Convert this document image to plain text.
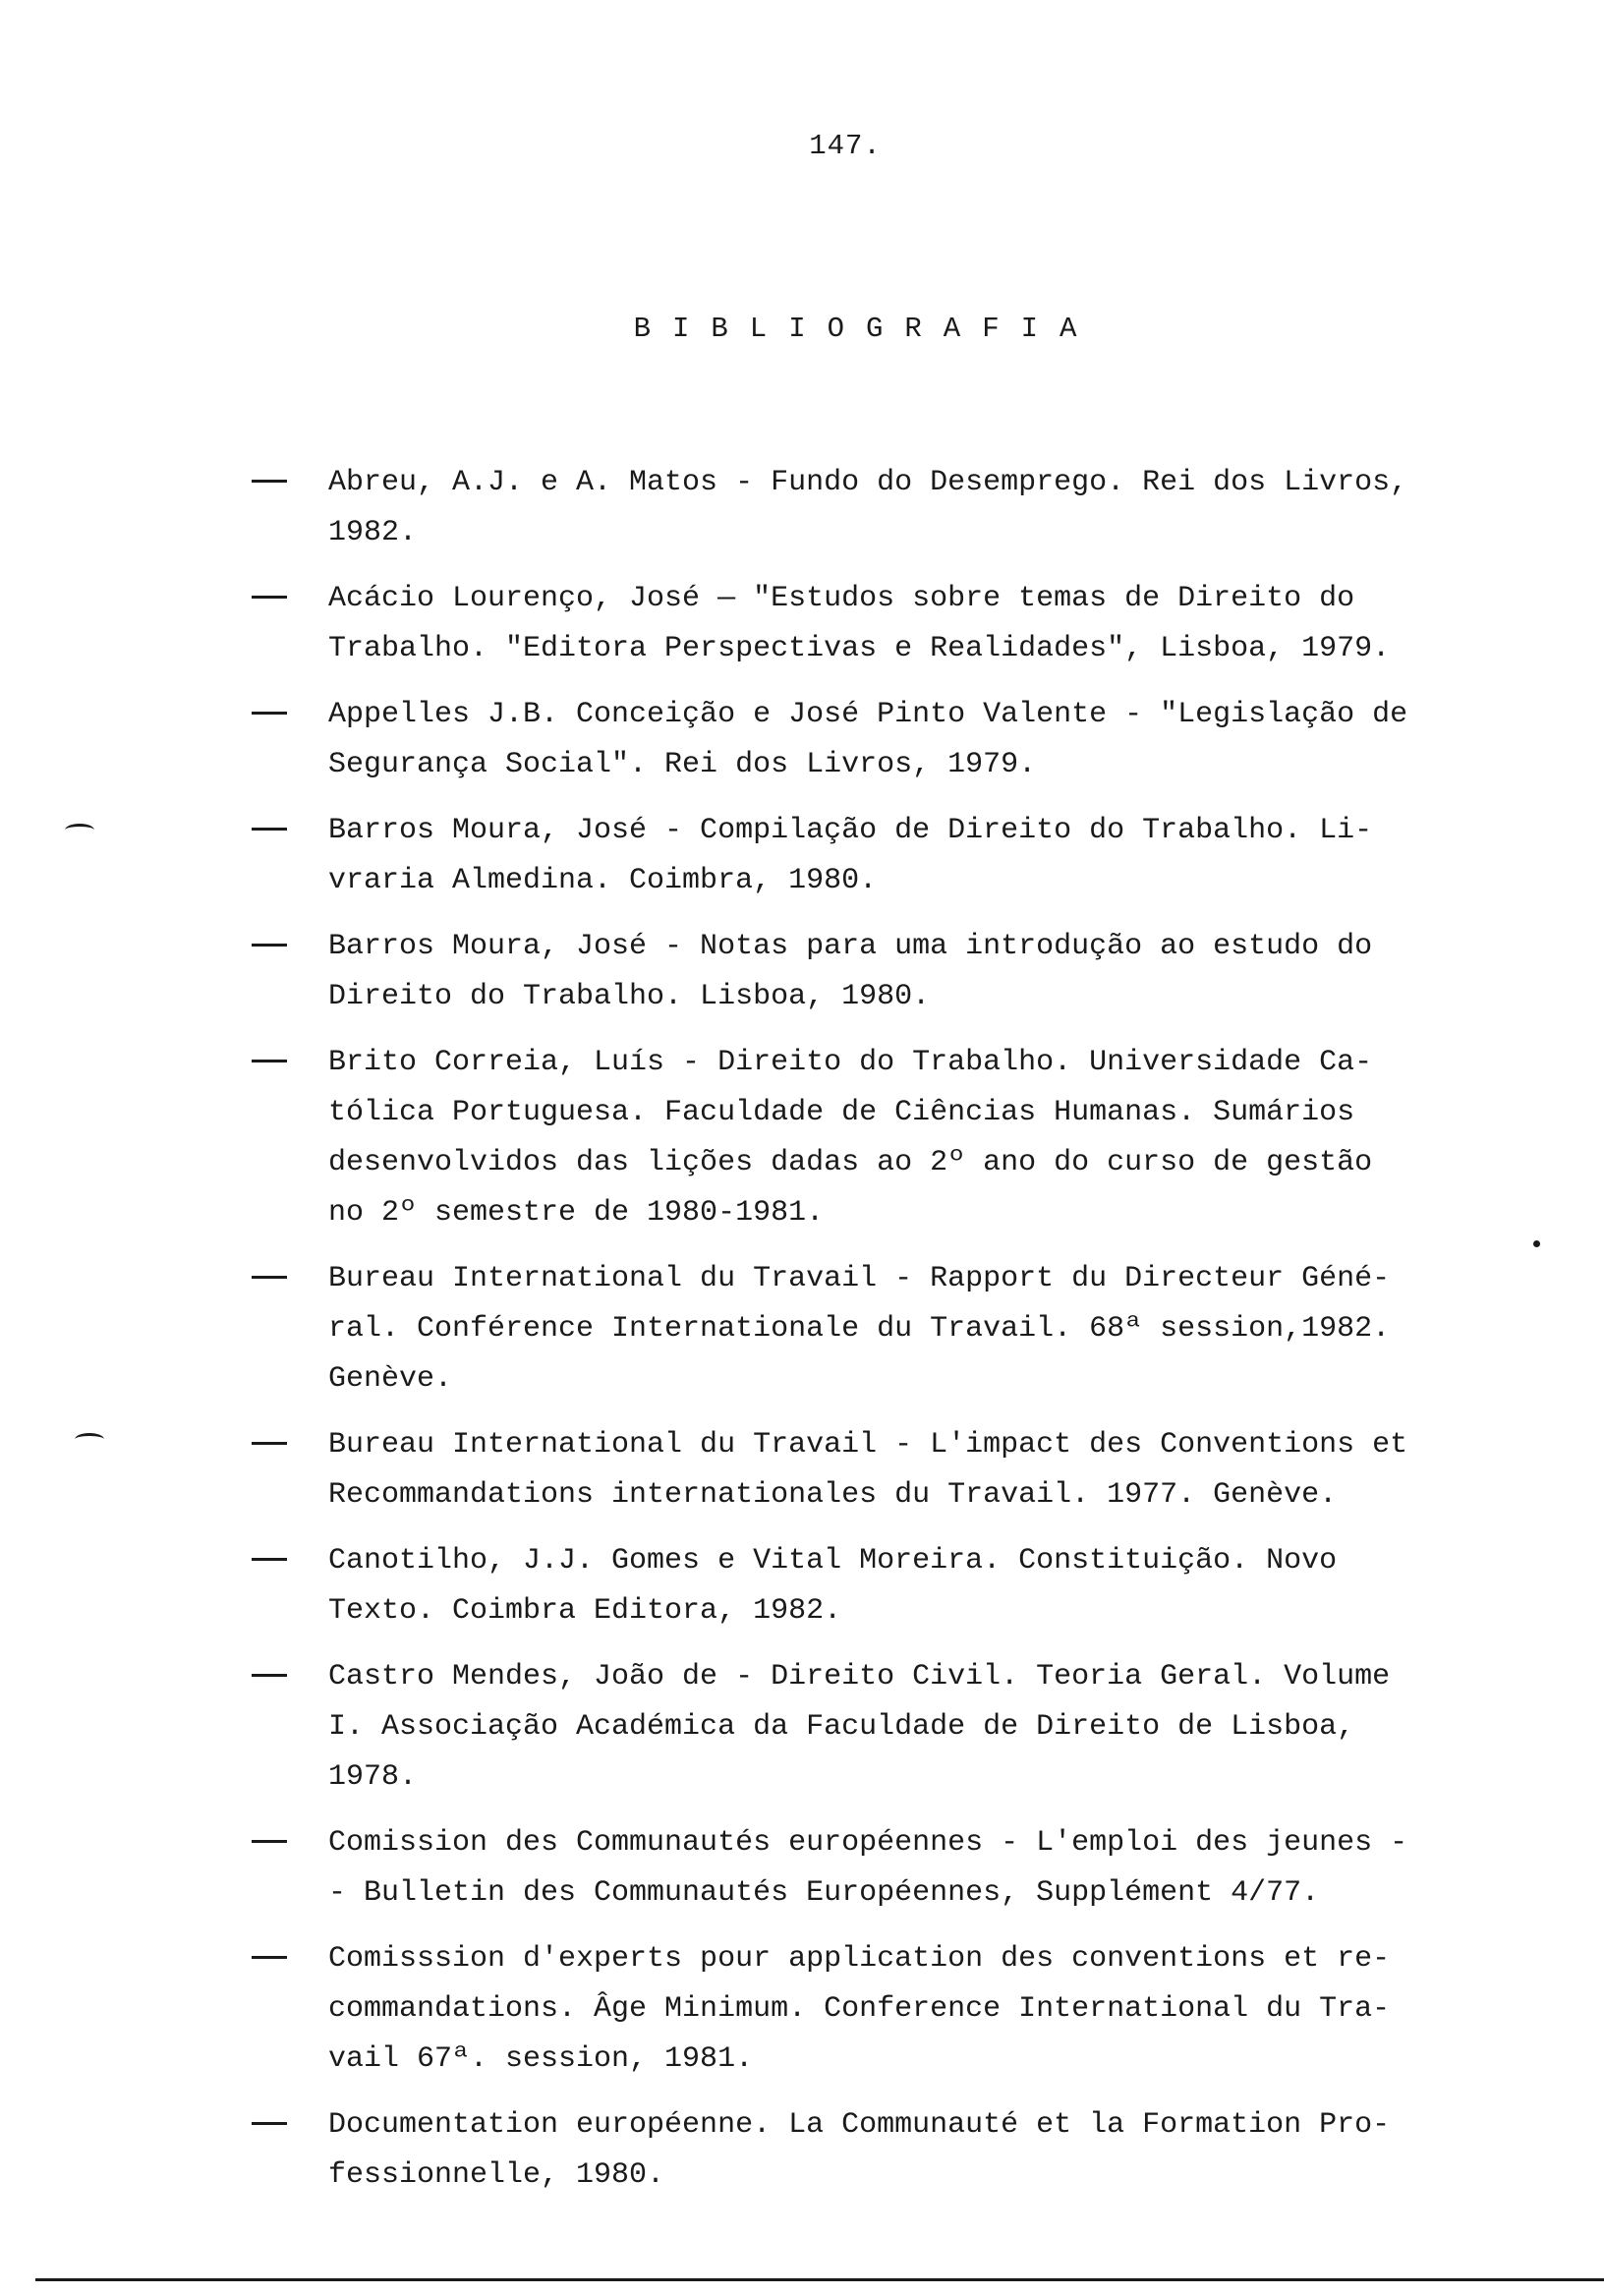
147.
BIBLIOGRAFIA
Abreu, A.J. e A. Matos - Fundo do Desemprego. Rei dos Livros,
1982.
Acácio Lourenço, José — "Estudos sobre temas de Direito do
Trabalho. "Editora Perspectivas e Realidades", Lisboa, 1979.
Appelles J.B. Conceição e José Pinto Valente - "Legislação de
Segurança Social". Rei dos Livros, 1979.
Barros Moura, José - Compilação de Direito do Trabalho. Li-
vraria Almedina. Coimbra, 1980.
Barros Moura, José - Notas para uma introdução ao estudo do
Direito do Trabalho. Lisboa, 1980.
Brito Correia, Luís - Direito do Trabalho. Universidade Ca-
tólica Portuguesa. Faculdade de Ciências Humanas. Sumários
desenvolvidos das lições dadas ao 2º ano do curso de gestão
no 2º semestre de 1980-1981.
Bureau International du Travail - Rapport du Directeur Géné-
ral. Conférence Internationale du Travail. 68ª session,1982.
Genève.
Bureau International du Travail - L'impact des Conventions et
Recommandations internationales du Travail. 1977. Genève.
Canotilho, J.J. Gomes e Vital Moreira. Constituição. Novo
Texto. Coimbra Editora, 1982.
Castro Mendes, João de - Direito Civil. Teoria Geral. Volume
I. Associação Académica da Faculdade de Direito de Lisboa,
1978.
Comission des Communautés européennes - L'emploi des jeunes -
- Bulletin des Communautés Européennes, Supplément 4/77.
Comisssion d'experts pour application des conventions et re-
commandations. Âge Minimum. Conference International du Tra-
vail 67ª. session, 1981.
Documentation européenne. La Communauté et la Formation Pro-
fessionnelle, 1980.
